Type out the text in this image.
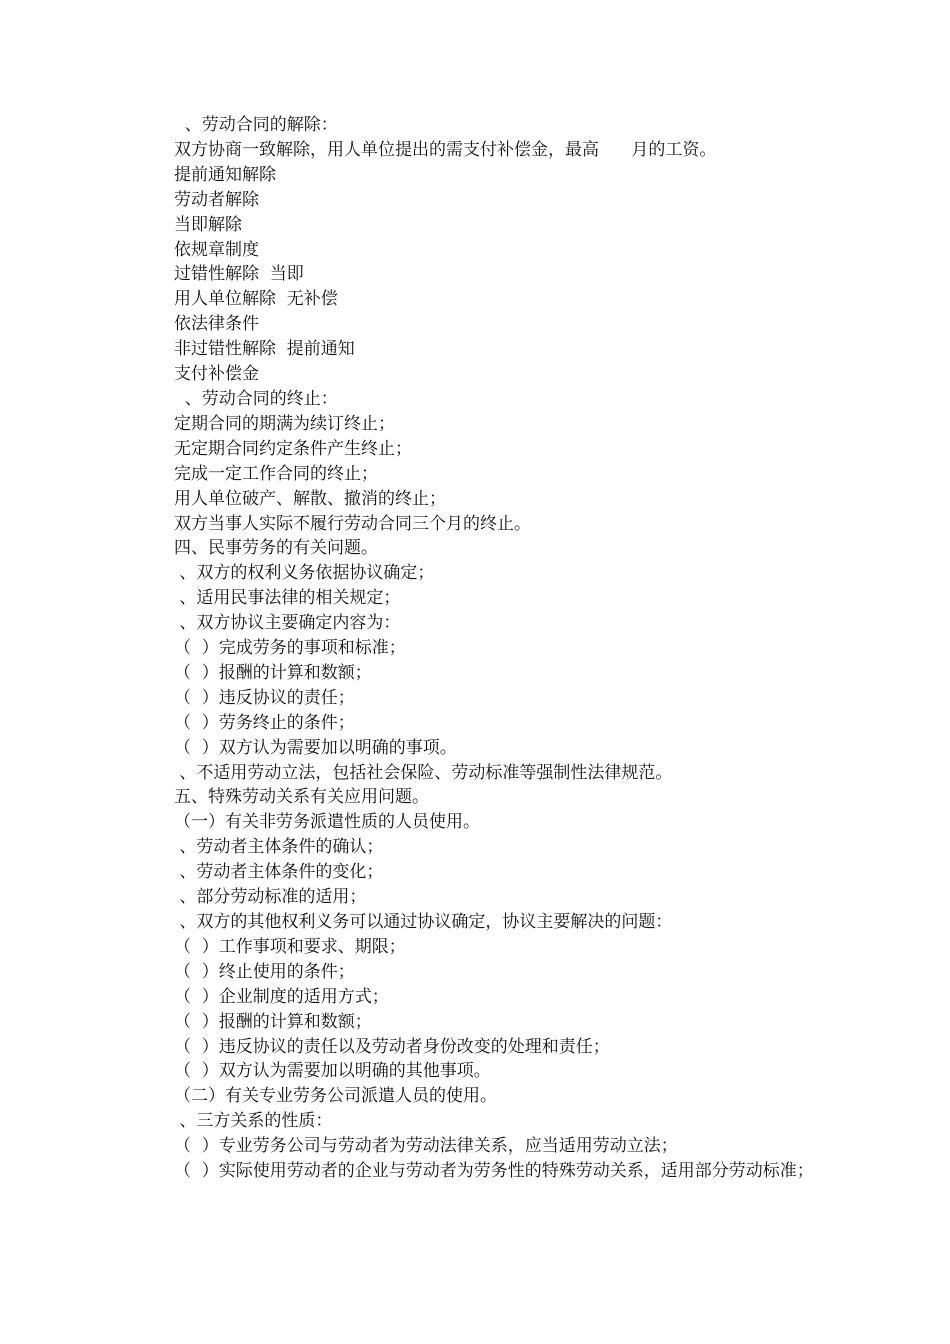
、劳动合同的解除：

双方协商一致解除，用人单位提出的需支付补偿金，最高      月的工资。

提前通知解除

劳动者解除

当即解除

依规章制度

过错性解除  当即

用人单位解除  无补偿

依法律条件

非过错性解除  提前通知

支付补偿金

、劳动合同的终止：

定期合同的期满为续订终止；

无定期合同约定条件产生终止；

完成一定工作合同的终止；

用人单位破产、解散、撤消的终止；

双方当事人实际不履行劳动合同三个月的终止。

四、民事劳务的有关问题。

、双方的权利义务依据协议确定；

、适用民事法律的相关规定；

、双方协议主要确定内容为：

（  ）完成劳务的事项和标准；

（  ）报酬的计算和数额；

（  ）违反协议的责任；

（  ）劳务终止的条件；

（  ）双方认为需要加以明确的事项。

、不适用劳动立法，包括社会保险、劳动标准等强制性法律规范。

五、特殊劳动关系有关应用问题。

（一）有关非劳务派遣性质的人员使用。

、劳动者主体条件的确认；

、劳动者主体条件的变化；

、部分劳动标准的适用；

、双方的其他权利义务可以通过协议确定，协议主要解决的问题：

（  ）工作事项和要求、期限；

（  ）终止使用的条件；

（  ）企业制度的适用方式；

（  ）报酬的计算和数额；

（  ）违反协议的责任以及劳动者身份改变的处理和责任；

（  ）双方认为需要加以明确的其他事项。

（二）有关专业劳务公司派遣人员的使用。

、三方关系的性质：

（  ）专业劳务公司与劳动者为劳动法律关系，应当适用劳动立法；

（  ）实际使用劳动者的企业与劳动者为劳务性的特殊劳动关系，适用部分劳动标准；
